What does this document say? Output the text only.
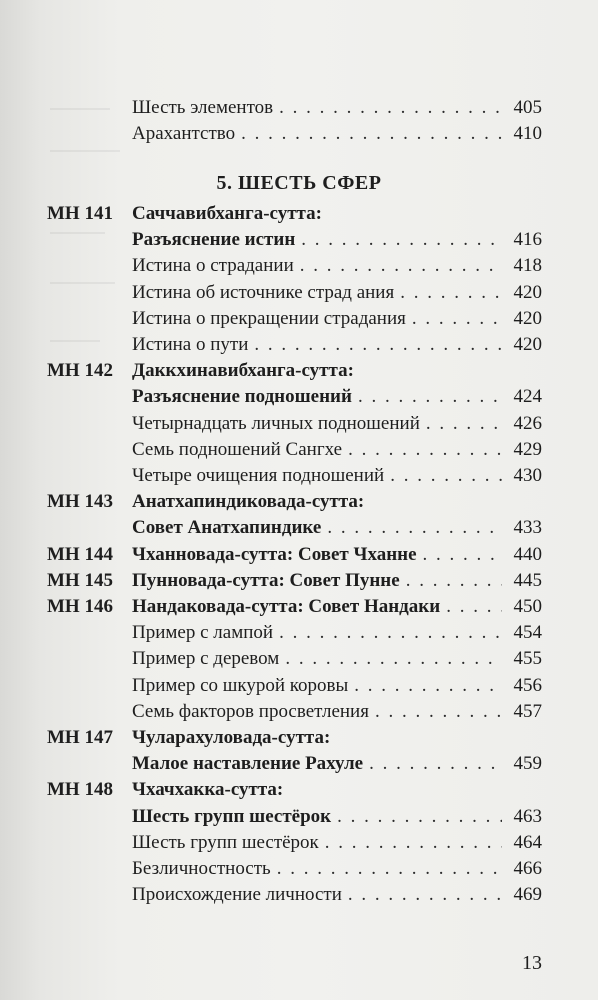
Шесть элементов . . .	405
Арахантство . . .	410
5. ШЕСТЬ СФЕР
МН 141 Саччавибханга-сутта:
Разъяснение истин . . .	416
Истина о страдании . . .	418
Истина об источнике страд ания . . .	420
Истина о прекращении страдания . . .	420
Истина о пути . . .	420
МН 142 Даккхинавибханга-сутта:
Разъяснение подношений . . .	424
Четырнадцать личных подношений . . .	426
Семь подношений Сангхе . . .	429
Четыре очищения подношений . . .	430
МН 143 Анатхапиндиковада-сутта:
Совет Анатхапиндике . . .	433
МН 144 Чханновада-сутта: Совет Чханне . . .	440
МН 145 Пунновада-сутта: Совет Пунне . . .	445
МН 146 Нандаковада-сутта: Совет Нандаки . . .	450
Пример с лампой . . .	454
Пример с деревом . . .	455
Пример со шкурой коровы . . .	456
Семь факторов просветления . . .	457
МН 147 Чуларахуловада-сутта:
Малое наставление Рахуле . . .	459
МН 148 Чхачхакка-сутта:
Шесть групп шестёрок . . .	463
Шесть групп шестёрок . . .	464
Безличностность . . .	466
Происхождение личности . . .	469
13
